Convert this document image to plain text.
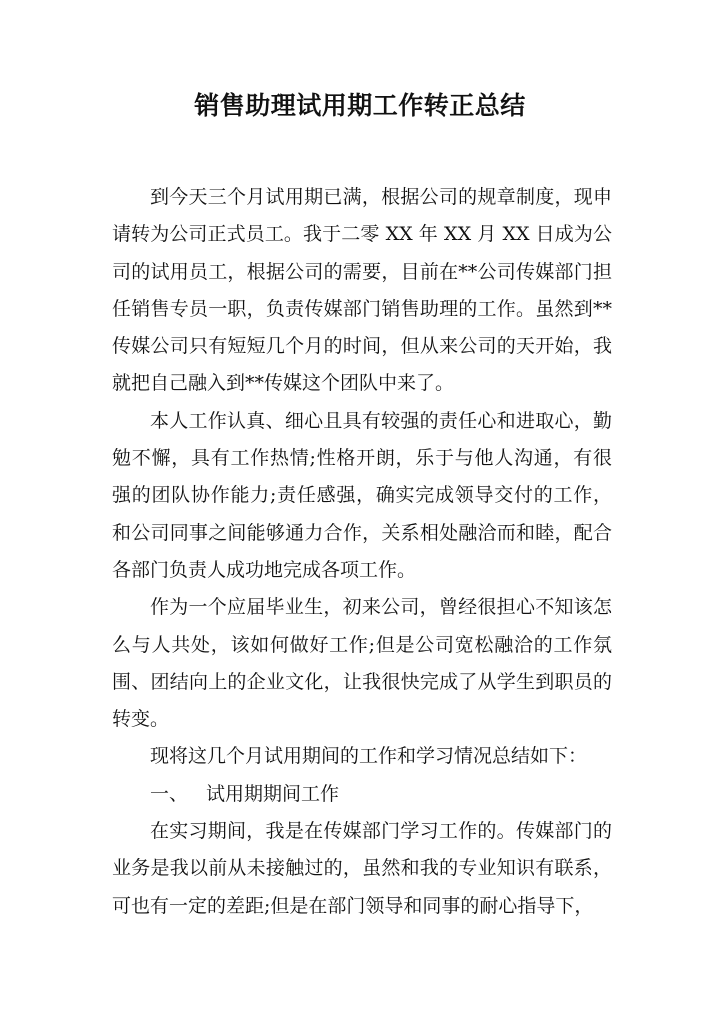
销售助理试用期工作转正总结

到今天三个月试用期已满，根据公司的规章制度，现申请转为公司正式员工。我于二零 XX 年 XX 月 XX 日成为公司的试用员工，根据公司的需要，目前在**公司传媒部门担任销售专员一职，负责传媒部门销售助理的工作。虽然到**传媒公司只有短短几个月的时间，但从来公司的天开始，我就把自己融入到**传媒这个团队中来了。

本人工作认真、细心且具有较强的责任心和进取心，勤勉不懈，具有工作热情;性格开朗，乐于与他人沟通，有很强的团队协作能力;责任感强，确实完成领导交付的工作，和公司同事之间能够通力合作，关系相处融洽而和睦，配合各部门负责人成功地完成各项工作。

作为一个应届毕业生，初来公司，曾经很担心不知该怎么与人共处，该如何做好工作;但是公司宽松融洽的工作氛围、团结向上的企业文化，让我很快完成了从学生到职员的转变。

现将这几个月试用期间的工作和学习情况总结如下：

一、 试用期期间工作

在实习期间，我是在传媒部门学习工作的。传媒部门的业务是我以前从未接触过的，虽然和我的专业知识有联系，可也有一定的差距;但是在部门领导和同事的耐心指导下，
